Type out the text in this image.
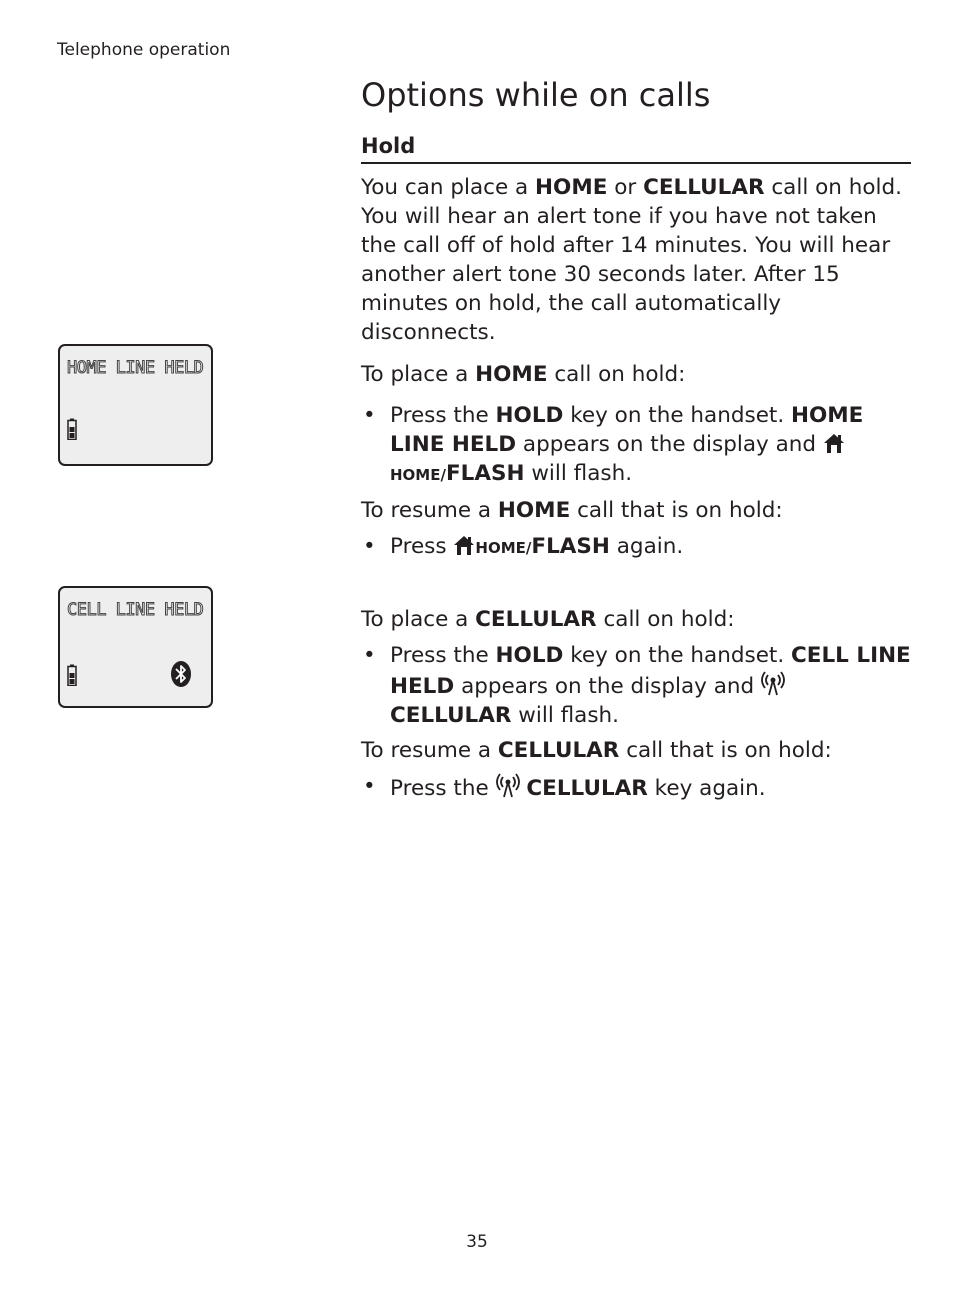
Telephone operation
Options while on calls
Hold
HOME LINE HELD
CELL LINE HELD

You can place a HOME or CELLULAR call on hold. You will hear an alert tone if you have not taken the call off of hold after 14 minutes. You will hear another alert tone 30 seconds later. After 15 minutes on hold, the call automatically disconnects.

To place a HOME call on hold:

• Press the HOLD key on the handset. HOME LINE HELD appears on the display and HOME/FLASH will flash.

To resume a HOME call that is on hold:

• Press HOME/FLASH again.

To place a CELLULAR call on hold:

• Press the HOLD key on the handset. CELL LINE HELD appears on the display and  CELLULAR will flash.

To resume a CELLULAR call that is on hold:

• Press the  CELLULAR key again.
35
